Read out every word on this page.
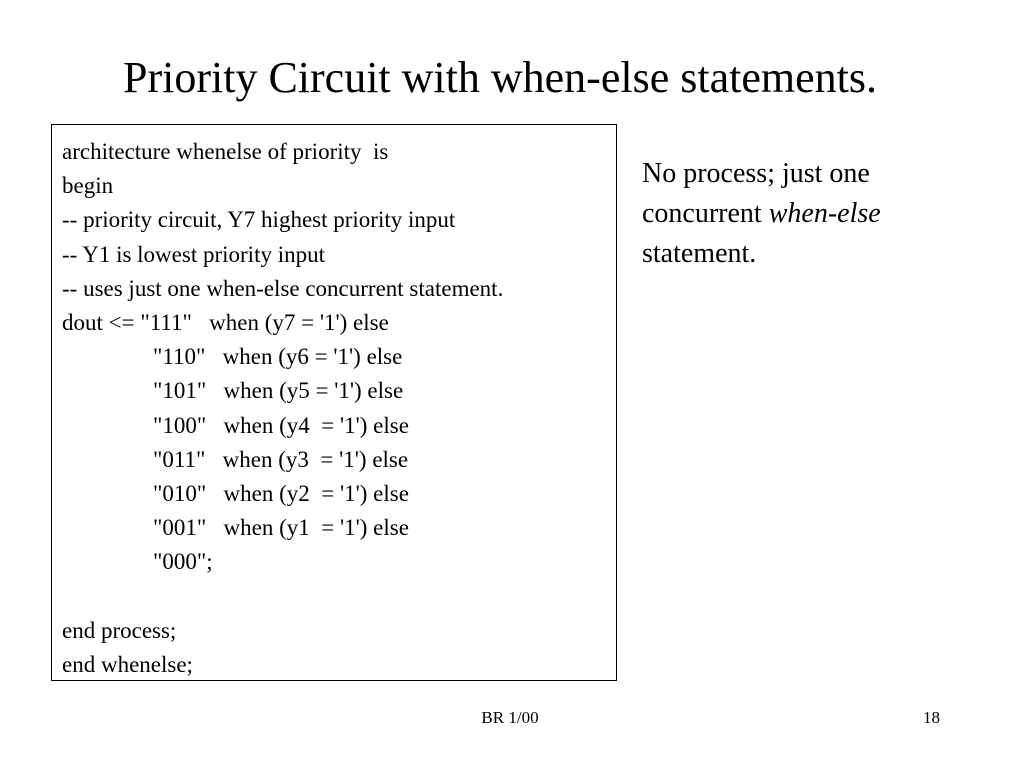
Priority Circuit with when-else statements.
architecture whenelse of priority  is
begin
-- priority circuit, Y7 highest priority input
-- Y1 is lowest priority input
-- uses just one when-else concurrent statement.
dout <= "111"   when (y7 = '1') else
"110"   when (y6 = '1') else
"101"   when (y5 = '1') else
"100"   when (y4  = '1') else
"011"   when (y3  = '1') else
"010"   when (y2  = '1') else
"001"   when (y1  = '1') else
"000";
end process;
end whenelse;
No process; just one
concurrent when-else
statement.
BR 1/00	18
